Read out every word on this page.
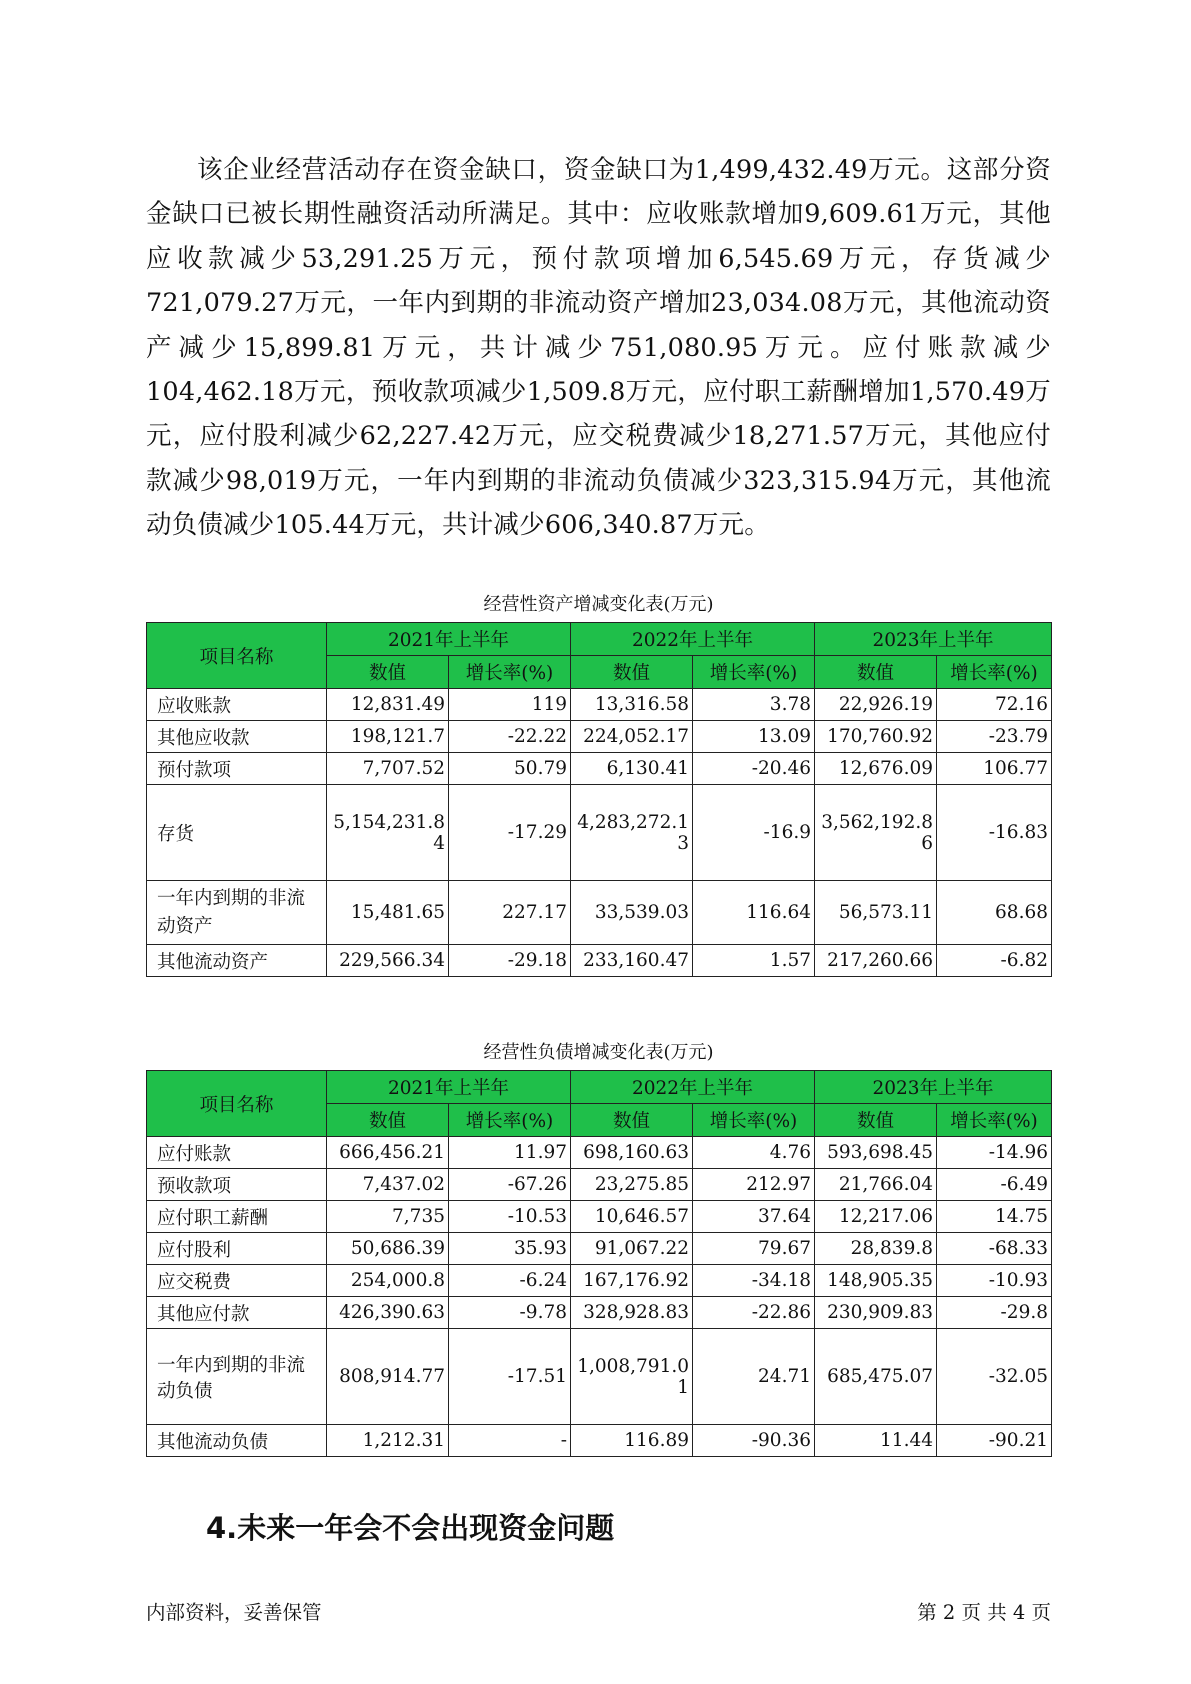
该企业经营活动存在资金缺口，资金缺口为1,499,432.49万元。这部分资金缺口已被长期性融资活动所满足。其中：应收账款增加9,609.61万元，其他应收款减少53,291.25万元，预付款项增加6,545.69万元，存货减少721,079.27万元，一年内到期的非流动资产增加23,034.08万元，其他流动资产减少15,899.81万元，共计减少751,080.95万元。应付账款减少104,462.18万元，预收款项减少1,509.8万元，应付职工薪酬增加1,570.49万元，应付股利减少62,227.42万元，应交税费减少18,271.57万元，其他应付款减少98,019万元，一年内到期的非流动负债减少323,315.94万元，其他流动负债减少105.44万元，共计减少606,340.87万元。
经营性资产增减变化表(万元)
项目名称	2021年上半年		2022年上半年		2023年上半年	
	数值	增长率(%)	数值	增长率(%)	数值	增长率(%)
应收账款	12,831.49	119	13,316.58	3.78	22,926.19	72.16
其他应收款	198,121.7	-22.22	224,052.17	13.09	170,760.92	-23.79
预付款项	7,707.52	50.79	6,130.41	-20.46	12,676.09	106.77
存货	5,154,231.84	-17.29	4,283,272.13	-16.9	3,562,192.86	-16.83
一年内到期的非流动资产	15,481.65	227.17	33,539.03	116.64	56,573.11	68.68
其他流动资产	229,566.34	-29.18	233,160.47	1.57	217,260.66	-6.82
经营性负债增减变化表(万元)
项目名称	2021年上半年		2022年上半年		2023年上半年	
	数值	增长率(%)	数值	增长率(%)	数值	增长率(%)
应付账款	666,456.21	11.97	698,160.63	4.76	593,698.45	-14.96
预收款项	7,437.02	-67.26	23,275.85	212.97	21,766.04	-6.49
应付职工薪酬	7,735	-10.53	10,646.57	37.64	12,217.06	14.75
应付股利	50,686.39	35.93	91,067.22	79.67	28,839.8	-68.33
应交税费	254,000.8	-6.24	167,176.92	-34.18	148,905.35	-10.93
其他应付款	426,390.63	-9.78	328,928.83	-22.86	230,909.83	-29.8
一年内到期的非流动负债	808,914.77	-17.51	1,008,791.01	24.71	685,475.07	-32.05
其他流动负债	1,212.31	-	116.89	-90.36	11.44	-90.21
4.未来一年会不会出现资金问题
内部资料，妥善保管	第 2 页 共 4 页
